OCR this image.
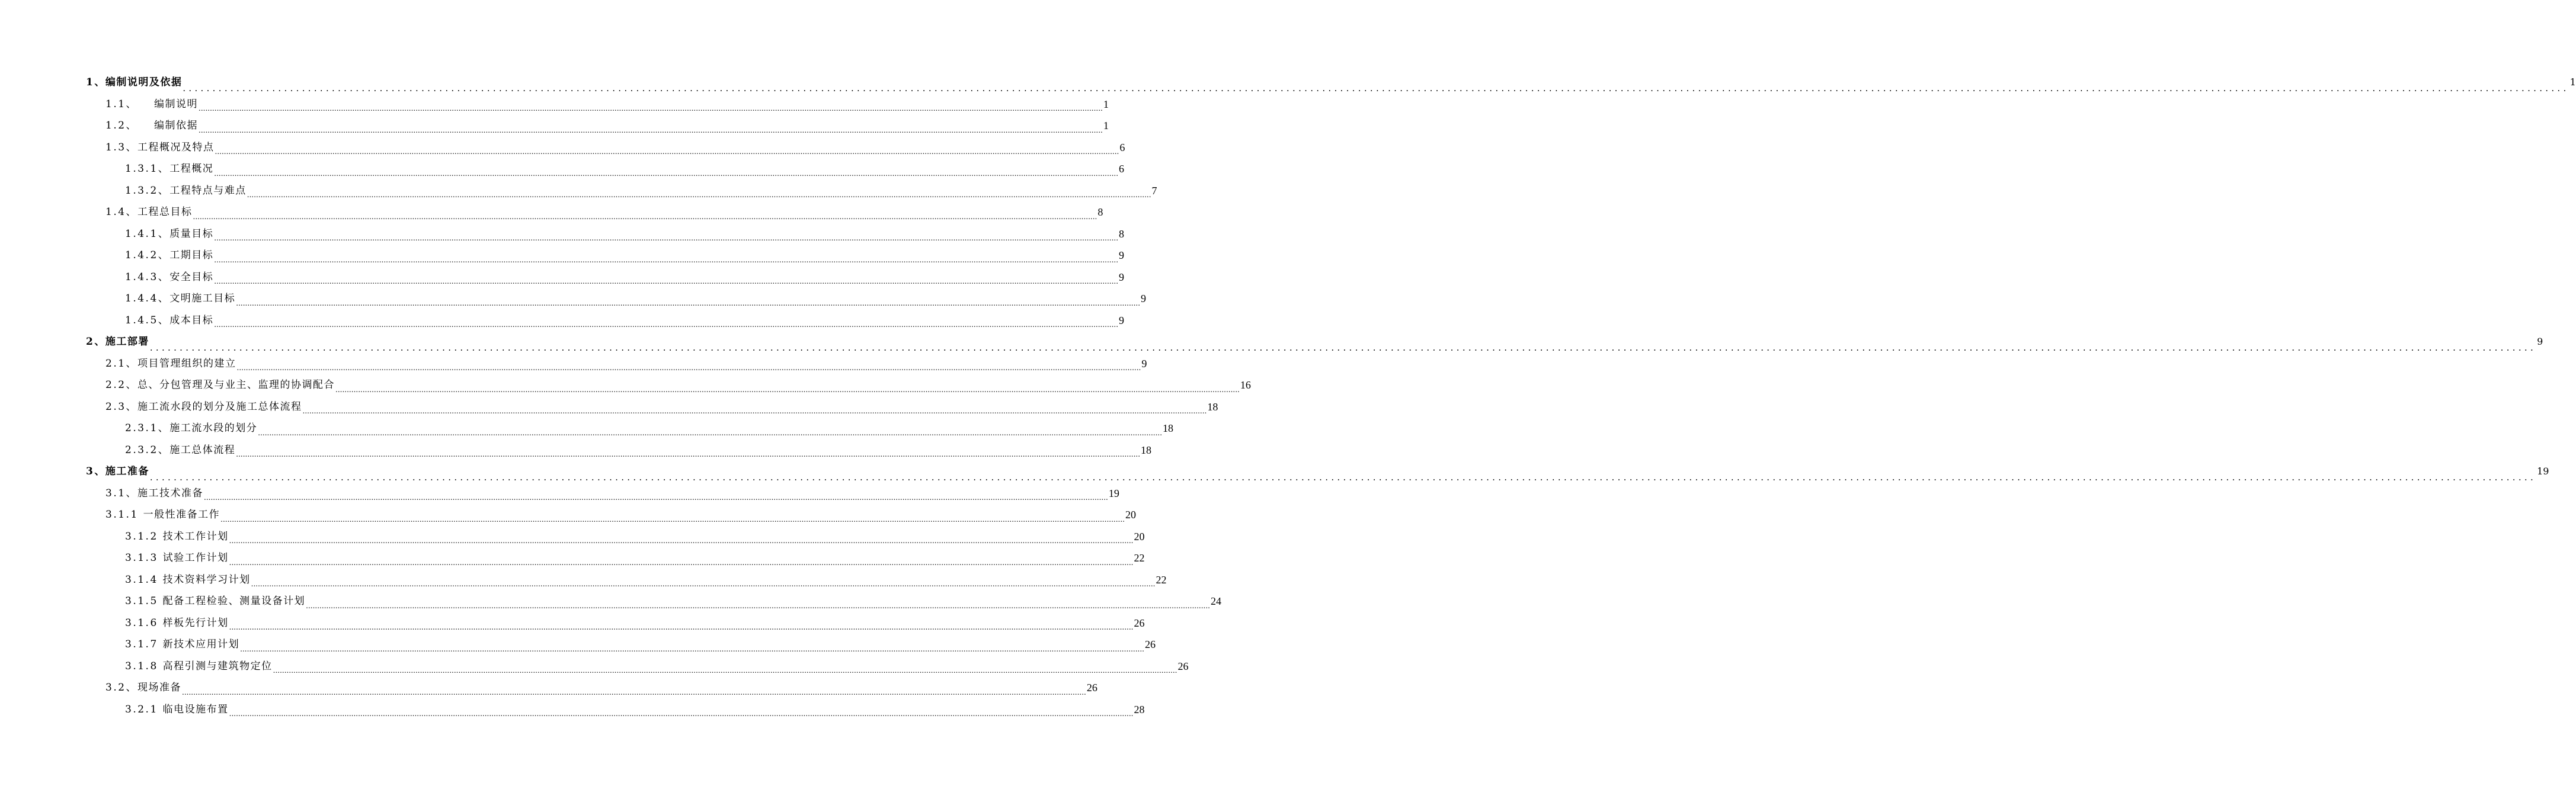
1、编制说明及依据 ................................................................................................................................................................................................................................................................................................................................................................................................................
1
1.1、 编制说明 ................................................................................................................................................................................................................................................................................................................................................................................................................ 1
1.2、 编制依据 ................................................................................................................................................................................................................................................................................................................................................................................................................ 1
1.3、工程概况及特点 ................................................................................................................................................................................................................................................................................................................................................................................................................ 6
1.3.1、工程概况 ................................................................................................................................................................................................................................................................................................................................................................................................................ 6
1.3.2、工程特点与难点 ................................................................................................................................................................................................................................................................................................................................................................................................................ 7
1.4、工程总目标 ................................................................................................................................................................................................................................................................................................................................................................................................................ 8
1.4.1、质量目标 ................................................................................................................................................................................................................................................................................................................................................................................................................ 8
1.4.2、工期目标 ................................................................................................................................................................................................................................................................................................................................................................................................................ 9
1.4.3、安全目标 ................................................................................................................................................................................................................................................................................................................................................................................................................ 9
1.4.4、文明施工目标 ................................................................................................................................................................................................................................................................................................................................................................................................................ 9
1.4.5、成本目标 ................................................................................................................................................................................................................................................................................................................................................................................................................ 9
2、施工部署 ................................................................................................................................................................................................................................................................................................................................................................................................................
9
2.1、项目管理组织的建立 ................................................................................................................................................................................................................................................................................................................................................................................................................ 9
2.2、总、分包管理及与业主、监理的协调配合 ................................................................................................................................................................................................................................................................................................................................................................................................................ 16
2.3、施工流水段的划分及施工总体流程 ................................................................................................................................................................................................................................................................................................................................................................................................................ 18
2.3.1、施工流水段的划分 ................................................................................................................................................................................................................................................................................................................................................................................................................ 18
2.3.2、施工总体流程 ................................................................................................................................................................................................................................................................................................................................................................................................................ 18
3、施工准备 ................................................................................................................................................................................................................................................................................................................................................................................................................
19
3.1、施工技术准备 ................................................................................................................................................................................................................................................................................................................................................................................................................ 19
3.1.1 一般性准备工作 ................................................................................................................................................................................................................................................................................................................................................................................................................ 20
3.1.2 技术工作计划 ................................................................................................................................................................................................................................................................................................................................................................................................................ 20
3.1.3 试验工作计划 ................................................................................................................................................................................................................................................................................................................................................................................................................ 22
3.1.4 技术资料学习计划 ................................................................................................................................................................................................................................................................................................................................................................................................................ 22
3.1.5 配备工程检验、测量设备计划 ................................................................................................................................................................................................................................................................................................................................................................................................................ 24
3.1.6 样板先行计划 ................................................................................................................................................................................................................................................................................................................................................................................................................ 26
3.1.7 新技术应用计划 ................................................................................................................................................................................................................................................................................................................................................................................................................ 26
3.1.8 高程引测与建筑物定位 ................................................................................................................................................................................................................................................................................................................................................................................................................ 26
3.2、现场准备 ................................................................................................................................................................................................................................................................................................................................................................................................................ 26
3.2.1 临电设施布置 ................................................................................................................................................................................................................................................................................................................................................................................................................ 28
